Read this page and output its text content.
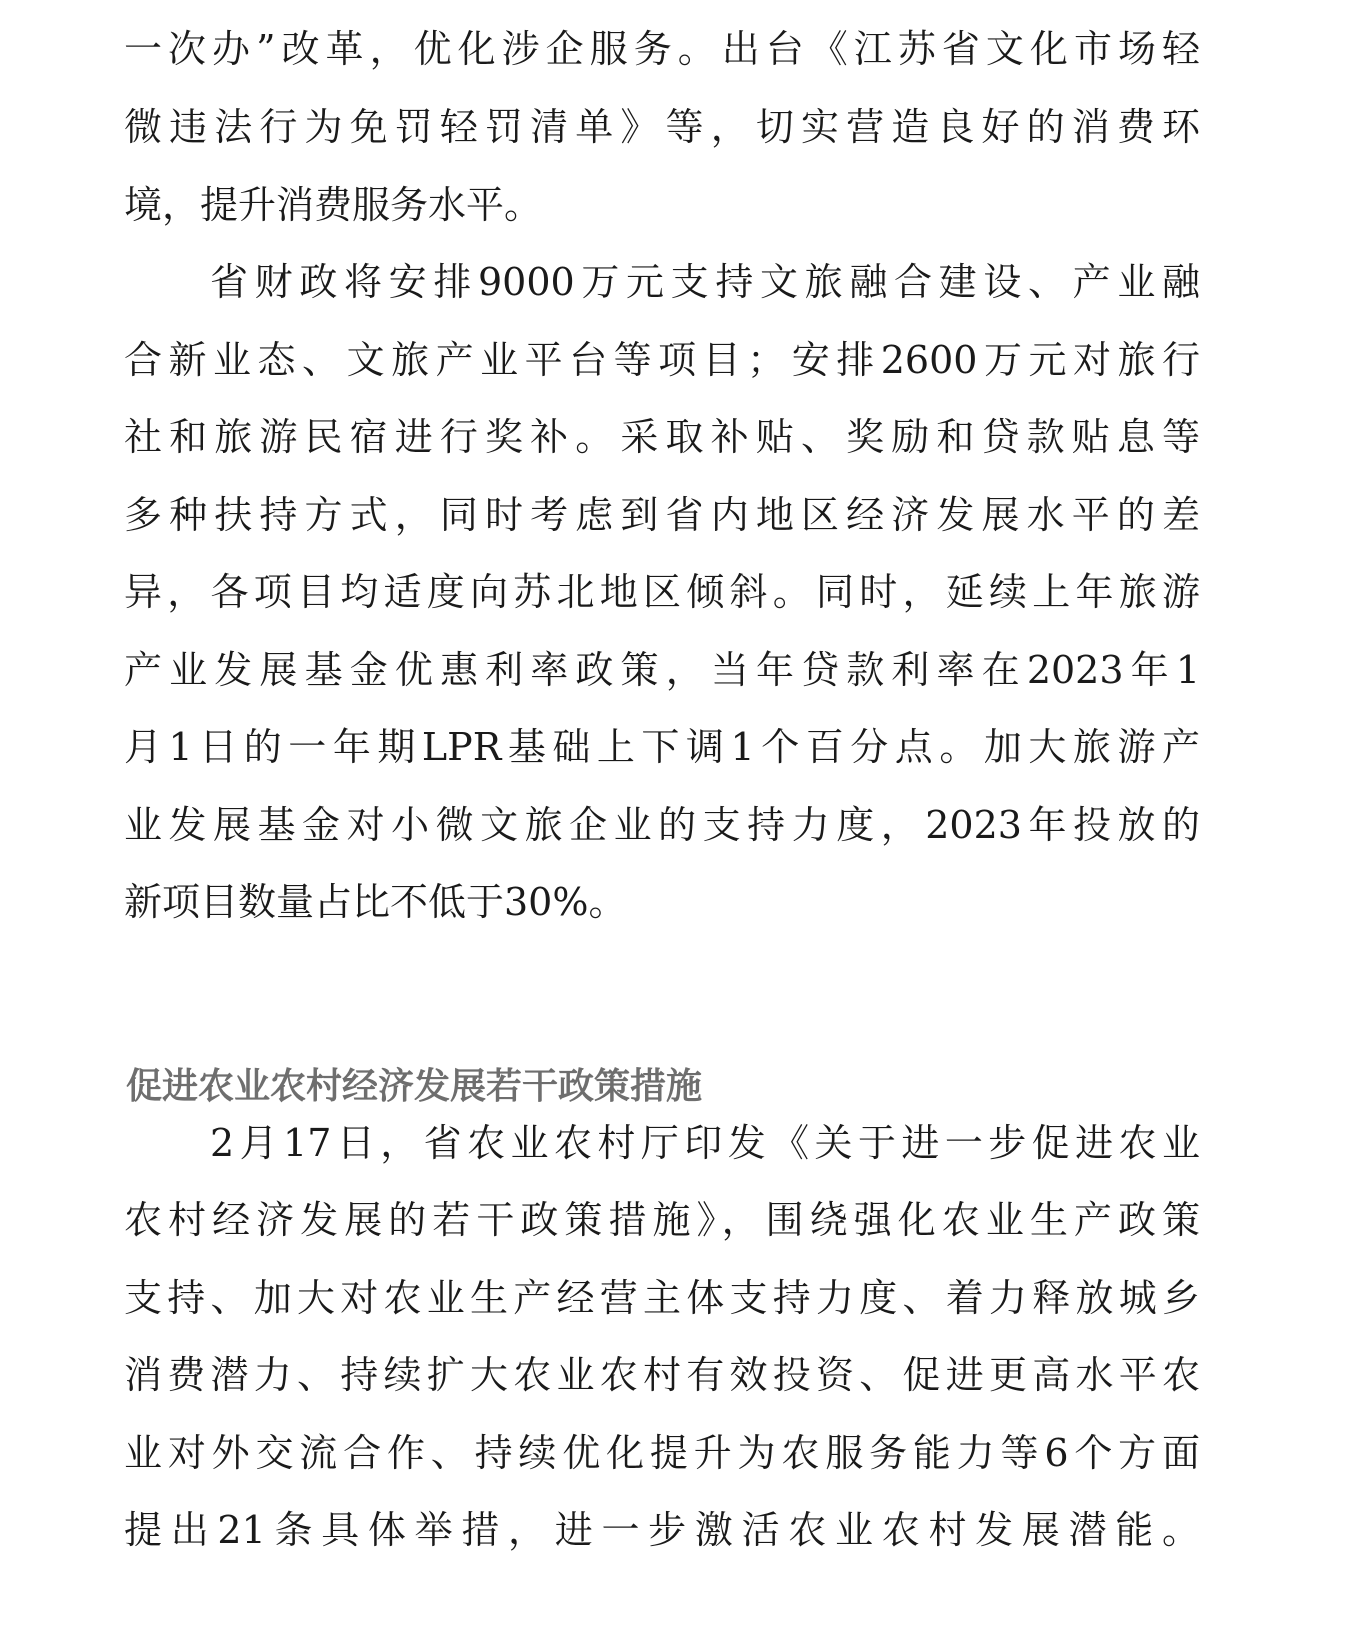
一次办”改革，优化涉企服务。出台《江苏省文化市场轻
微违法行为免罚轻罚清单》等，切实营造良好的消费环
境，提升消费服务水平。
省财政将安排9000万元支持文旅融合建设、产业融
合新业态、文旅产业平台等项目；安排2600万元对旅行
社和旅游民宿进行奖补。采取补贴、奖励和贷款贴息等
多种扶持方式，同时考虑到省内地区经济发展水平的差
异，各项目均适度向苏北地区倾斜。同时，延续上年旅游
产业发展基金优惠利率政策，当年贷款利率在2023年1
月1日的一年期LPR基础上下调1个百分点。加大旅游产
业发展基金对小微文旅企业的支持力度，2023年投放的
新项目数量占比不低于30%。
促进农业农村经济发展若干政策措施
2月17日，省农业农村厅印发《关于进一步促进农业
农村经济发展的若干政策措施》，围绕强化农业生产政策
支持、加大对农业生产经营主体支持力度、着力释放城乡
消费潜力、持续扩大农业农村有效投资、促进更高水平农
业对外交流合作、持续优化提升为农服务能力等6个方面
提出21条具体举措，进一步激活农业农村发展潜能。
